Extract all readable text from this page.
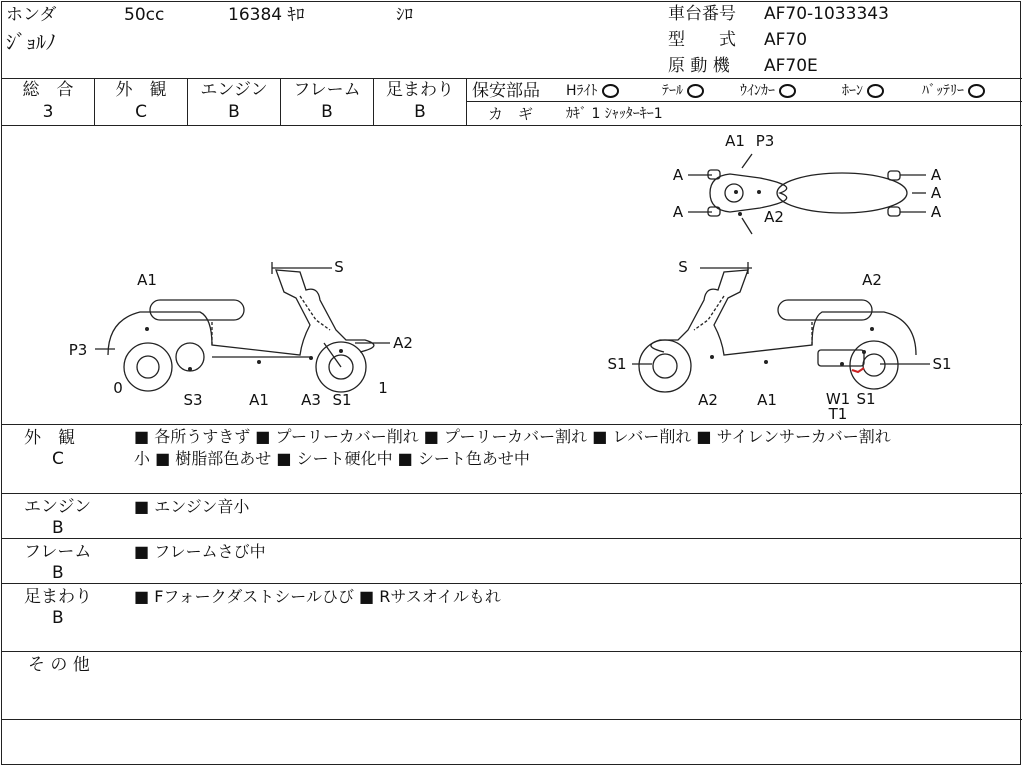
ホンダ	50cc	16384 ｷﾛ	ｼﾛ
ｼﾞｮﾙﾉ
車台番号 AF70-1033343
型　　式 AF70
原 動 機 AF70E
総　合
3
外　観
C
エンジン
B
フレーム
B
足まわり
B
保安部品 Hﾗｲﾄ	ﾃｰﾙ	ｳｲﾝｶｰ	ﾎｰﾝ	ﾊﾞｯﾃﾘｰ
カ　ギ ｶｷﾞ 1 ｼｬｯﾀｰｷｰ1
A1 P3
A	A
A
A	A
A2
S
A1
P3	A2
0
S3	A1 A3 S1
1
S
A2
S1	S1
A2	A1	W1
T1
S1
外　観
C
■ 各所うすきず ■ プーリーカバー削れ ■ プーリーカバー割れ ■ レバー削れ ■ サイレンサーカバー割れ
小 ■ 樹脂部色あせ ■ シート硬化中 ■ シート色あせ中
エンジン
B
■ エンジン音小
フレーム
B
■ フレームさび中
足まわり
B
■ Fフォークダストシールひび ■ Rサスオイルもれ
そ の 他
